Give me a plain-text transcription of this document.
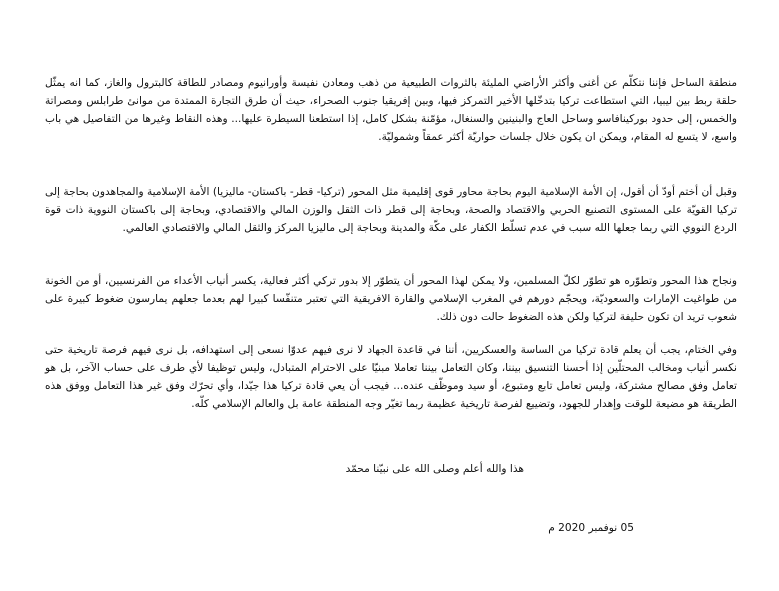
منطقة الساحل فإننا نتكلّم عن أغنى وأكثر الأراضي المليئة بالثروات الطبيعية من ذهب ومعادن نفيسة وأورانيوم ومصادر للطاقة كالبترول والغاز، كما انه يمثّل حلقة ربط بين ليبيا، التي استطاعت تركيا بتدخّلها الأخير التمركز فيها، وبين إفريقيا جنوب الصحراء، حيث أن طرق التجارة الممتدة من موانئ طرابلس ومصراتة والخمس، إلى حدود بوركينافاسو وساحل العاج والبنينين والسنغال، مؤمّنة بشكل كامل، إذا استطعنا السيطرة عليها... وهذه النقاط وغيرها من التفاصيل هي باب واسع، لا يتسع له المقام، ويمكن ان يكون خلال جلسات حواريّة أكثر عمقاً وشموليّة.

وقبل أن أختم أودّ أن أقول، إن الأمة الإسلامية اليوم بحاجة محاور قوى إقليمية مثل المحور (تركيا- قطر- باكستان- ماليزيا) الأمة الإسلامية والمجاهدون بحاجة إلى تركيا القويّة على المستوى التصنيع الحربي والاقتصاد والصحة، وبحاجة إلى قطر ذات الثقل والوزن المالي والاقتصادي، وبحاجة إلى باكستان النووية ذات قوة الردع النووي التي ربما جعلها الله سبب في عدم تسلّط الكفار على مكّة والمدينة وبحاجة إلى ماليزيا المركز والثقل المالي والاقتصادي العالمي.

ونجاح هذا المحور وتطوّره هو تطوّر لكلّ المسلمين، ولا يمكن لهذا المحور أن يتطوّر إلا بدور تركي أكثر فعالية، يكسر أنياب الأعداء من الفرنسيين، أو من الخونة من طواغيت الإمارات والسعوديّة، ويحجّم دورهم في المغرب الإسلامي والقارة الافريقية التي تعتبر متنفّسا كبيرا لهم بعدما جعلهم يمارسون ضغوط كبيرة على شعوب تريد ان تكون حليفة لتركيا ولكن هذه الضغوط حالت دون ذلك.

وفي الختام، يجب أن يعلم قادة تركيا من الساسة والعسكريين، أننا في قاعدة الجهاد لا نرى فيهم عدوّا نسعى إلى استهدافه، بل نرى فيهم فرصة تاريخية حتى نكسر أنياب ومخالب المحتلّين إذا أحسنا التنسيق بيننا، وكان التعامل بيننا تعاملا مبنيّا على الاحترام المتبادل، وليس توظيفا لأي طرف على حساب الآخر، بل هو تعامل وفق مصالح مشتركة، وليس تعامل تابع ومتبوع، أو سيد وموظّف عنده... فيجب أن يعي قادة تركيا هذا جيّدا، وأي تحرّك وفق غير هذا التعامل ووفق هذه الطريقة هو مضيعة للوقت وإهدار للجهود، وتضييع لفرصة تاريخية عظيمة ربما تغيّر وجه المنطقة عامة بل والعالم الإسلامي كلّه.

هذا والله أعلم وصلى الله على نبيّنا محمّد

05 نوفمبر 2020 م
